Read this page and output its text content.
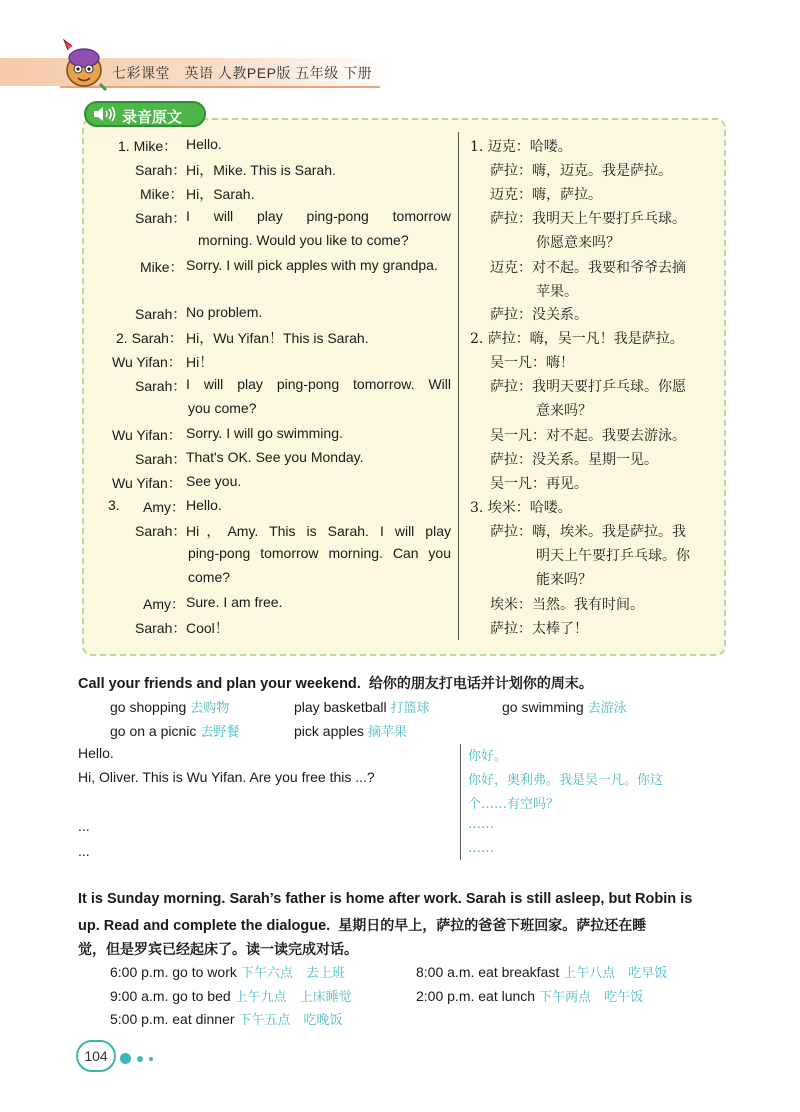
七彩课堂　英语 人教PEP版 五年级 下册
录音原文
1. Mike： Hello.
Sarah： Hi，Mike. This is Sarah.
Mike： Hi，Sarah.
Sarah： I will play ping-pong tomorrow
morning. Would you like to come?
Mike： Sorry. I will pick apples with my grandpa.
Sarah： No problem.
2. Sarah： Hi，Wu Yifan！This is Sarah.
Wu Yifan： Hi！
Sarah： I will play ping-pong tomorrow. Will
you come?
Wu Yifan： Sorry. I will go swimming.
Sarah： That's OK. See you Monday.
Wu Yifan： See you.
3. Amy： Hello.
Sarah： Hi，Amy. This is Sarah. I will play
ping-pong tomorrow morning. Can you
come?
Amy： Sure. I am free.
Sarah： Cool！
1. 迈克：哈喽。
萨拉：嗨，迈克。我是萨拉。
迈克：嗨，萨拉。
萨拉：我明天上午要打乒乓球。
你愿意来吗？
迈克：对不起。我要和爷爷去摘
苹果。
萨拉：没关系。
2. 萨拉：嗨，吴一凡！我是萨拉。
吴一凡：嗨！
萨拉：我明天要打乒乓球。你愿
意来吗？
吴一凡：对不起。我要去游泳。
萨拉：没关系。星期一见。
吴一凡：再见。
3. 埃米：哈喽。
萨拉：嗨，埃米。我是萨拉。我
明天上午要打乒乓球。你
能来吗？
埃米：当然。我有时间。
萨拉：太棒了！
Call your friends and plan your weekend. 给你的朋友打电话并计划你的周末。
go shopping 去购物	play basketball 打篮球	go swimming 去游泳
go on a picnic 去野餐	pick apples 摘苹果
Hello.
Hi, Oliver. This is Wu Yifan. Are you free this ...?
...
...
你好。
你好，奥利弗。我是吴一凡。你这
个……有空吗？
……
……
It is Sunday morning. Sarah’s father is home after work. Sarah is still asleep, but Robin is
up. Read and complete the dialogue. 星期日的早上，萨拉的爸爸下班回家。萨拉还在睡
觉，但是罗宾已经起床了。读一读完成对话。
6:00 p.m. go to work 下午六点　去上班	8:00 a.m. eat breakfast 上午八点　吃早饭
9:00 a.m. go to bed 上午九点　上床睡觉	2:00 p.m. eat lunch 下午两点　吃午饭
5:00 p.m. eat dinner 下午五点　吃晚饭
104
